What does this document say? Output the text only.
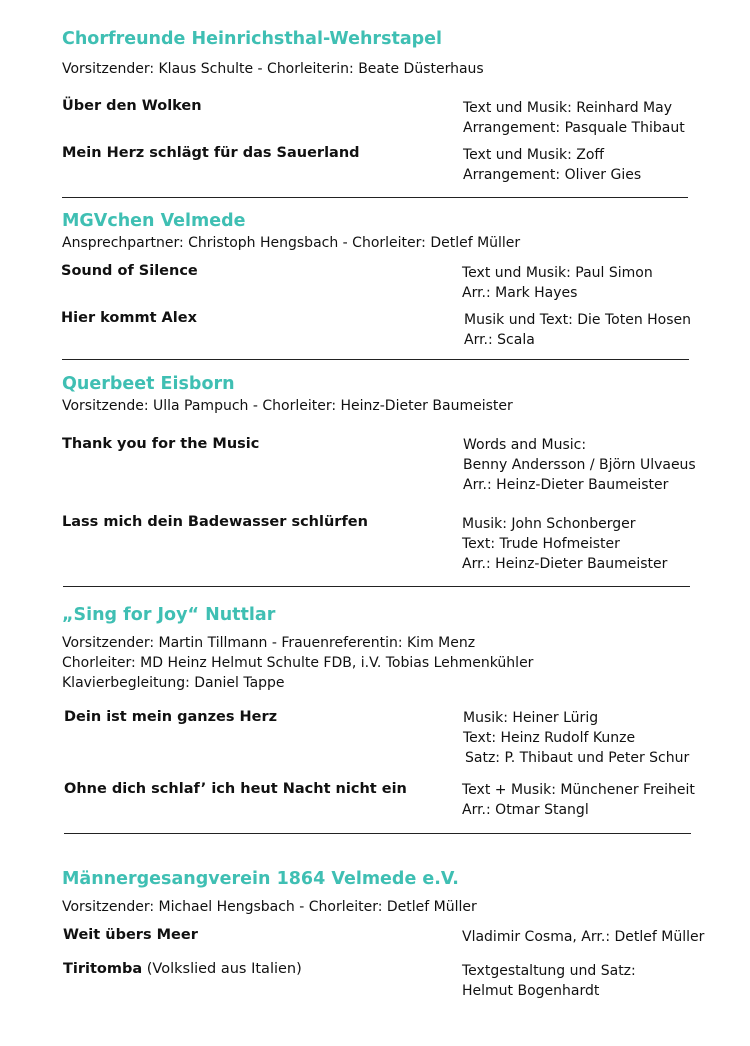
Chorfreunde Heinrichsthal-Wehrstapel
Vorsitzender: Klaus Schulte - Chorleiterin: Beate Düsterhaus
Über den Wolken	Text und Musik: Reinhard May
Arrangement: Pasquale Thibaut
Mein Herz schlägt für das Sauerland	Text und Musik: Zoff
Arrangement: Oliver Gies
MGVchen Velmede
Ansprechpartner: Christoph Hengsbach - Chorleiter: Detlef Müller
Sound of Silence	Text und Musik: Paul Simon
Arr.: Mark Hayes
Hier kommt Alex	Musik und Text: Die Toten Hosen
Arr.: Scala
Querbeet Eisborn
Vorsitzende: Ulla Pampuch - Chorleiter: Heinz-Dieter Baumeister
Thank you for the Music	Words and Music:
Benny Andersson / Björn Ulvaeus
Arr.: Heinz-Dieter Baumeister
Lass mich dein Badewasser schlürfen	Musik: John Schonberger
Text: Trude Hofmeister
Arr.: Heinz-Dieter Baumeister
„Sing for Joy“ Nuttlar
Vorsitzender: Martin Tillmann - Frauenreferentin: Kim Menz
Chorleiter: MD Heinz Helmut Schulte FDB, i.V. Tobias Lehmenkühler
Klavierbegleitung: Daniel Tappe
Dein ist mein ganzes Herz	Musik: Heiner Lürig
Text: Heinz Rudolf Kunze
Satz: P. Thibaut und Peter Schur
Ohne dich schlaf’ ich heut Nacht nicht ein	Text + Musik: Münchener Freiheit
Arr.: Otmar Stangl
Männergesangverein 1864 Velmede e.V.
Vorsitzender: Michael Hengsbach - Chorleiter: Detlef Müller
Weit übers Meer	Vladimir Cosma, Arr.: Detlef Müller
Tiritomba (Volkslied aus Italien)	Textgestaltung und Satz:
Helmut Bogenhardt
